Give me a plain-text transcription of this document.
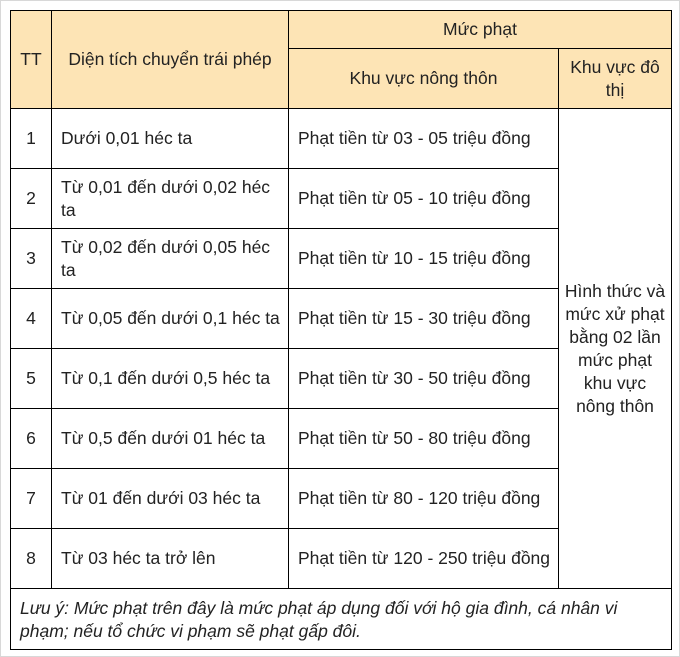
TT	Diện tích chuyển trái phép	Mức phạt	
		Khu vực nông thôn	Khu vực đô thị
1	Dưới 0,01 héc ta	Phạt tiền từ 03 - 05 triệu đồng	Hình thức và mức xử phạt bằng 02 lần mức phạt khu vực nông thôn
2	Từ 0,01 đến dưới 0,02 héc ta	Phạt tiền từ 05 - 10 triệu đồng	
3	Từ 0,02 đến dưới 0,05 héc ta	Phạt tiền từ 10 - 15 triệu đồng	
4	Từ 0,05 đến dưới 0,1 héc ta	Phạt tiền từ 15 - 30 triệu đồng	
5	Từ 0,1 đến dưới 0,5 héc ta	Phạt tiền từ 30 - 50 triệu đồng	
6	Từ 0,5 đến dưới 01 héc ta	Phạt tiền từ 50 - 80 triệu đồng	
7	Từ 01 đến dưới 03 héc ta	Phạt tiền từ 80 - 120 triệu đồng	
8	Từ 03 héc ta trở lên	Phạt tiền từ 120 - 250 triệu đồng	
Lưu ý: Mức phạt trên đây là mức phạt áp dụng đối với hộ gia đình, cá nhân vi phạm; nếu tổ chức vi phạm sẽ phạt gấp đôi.			
